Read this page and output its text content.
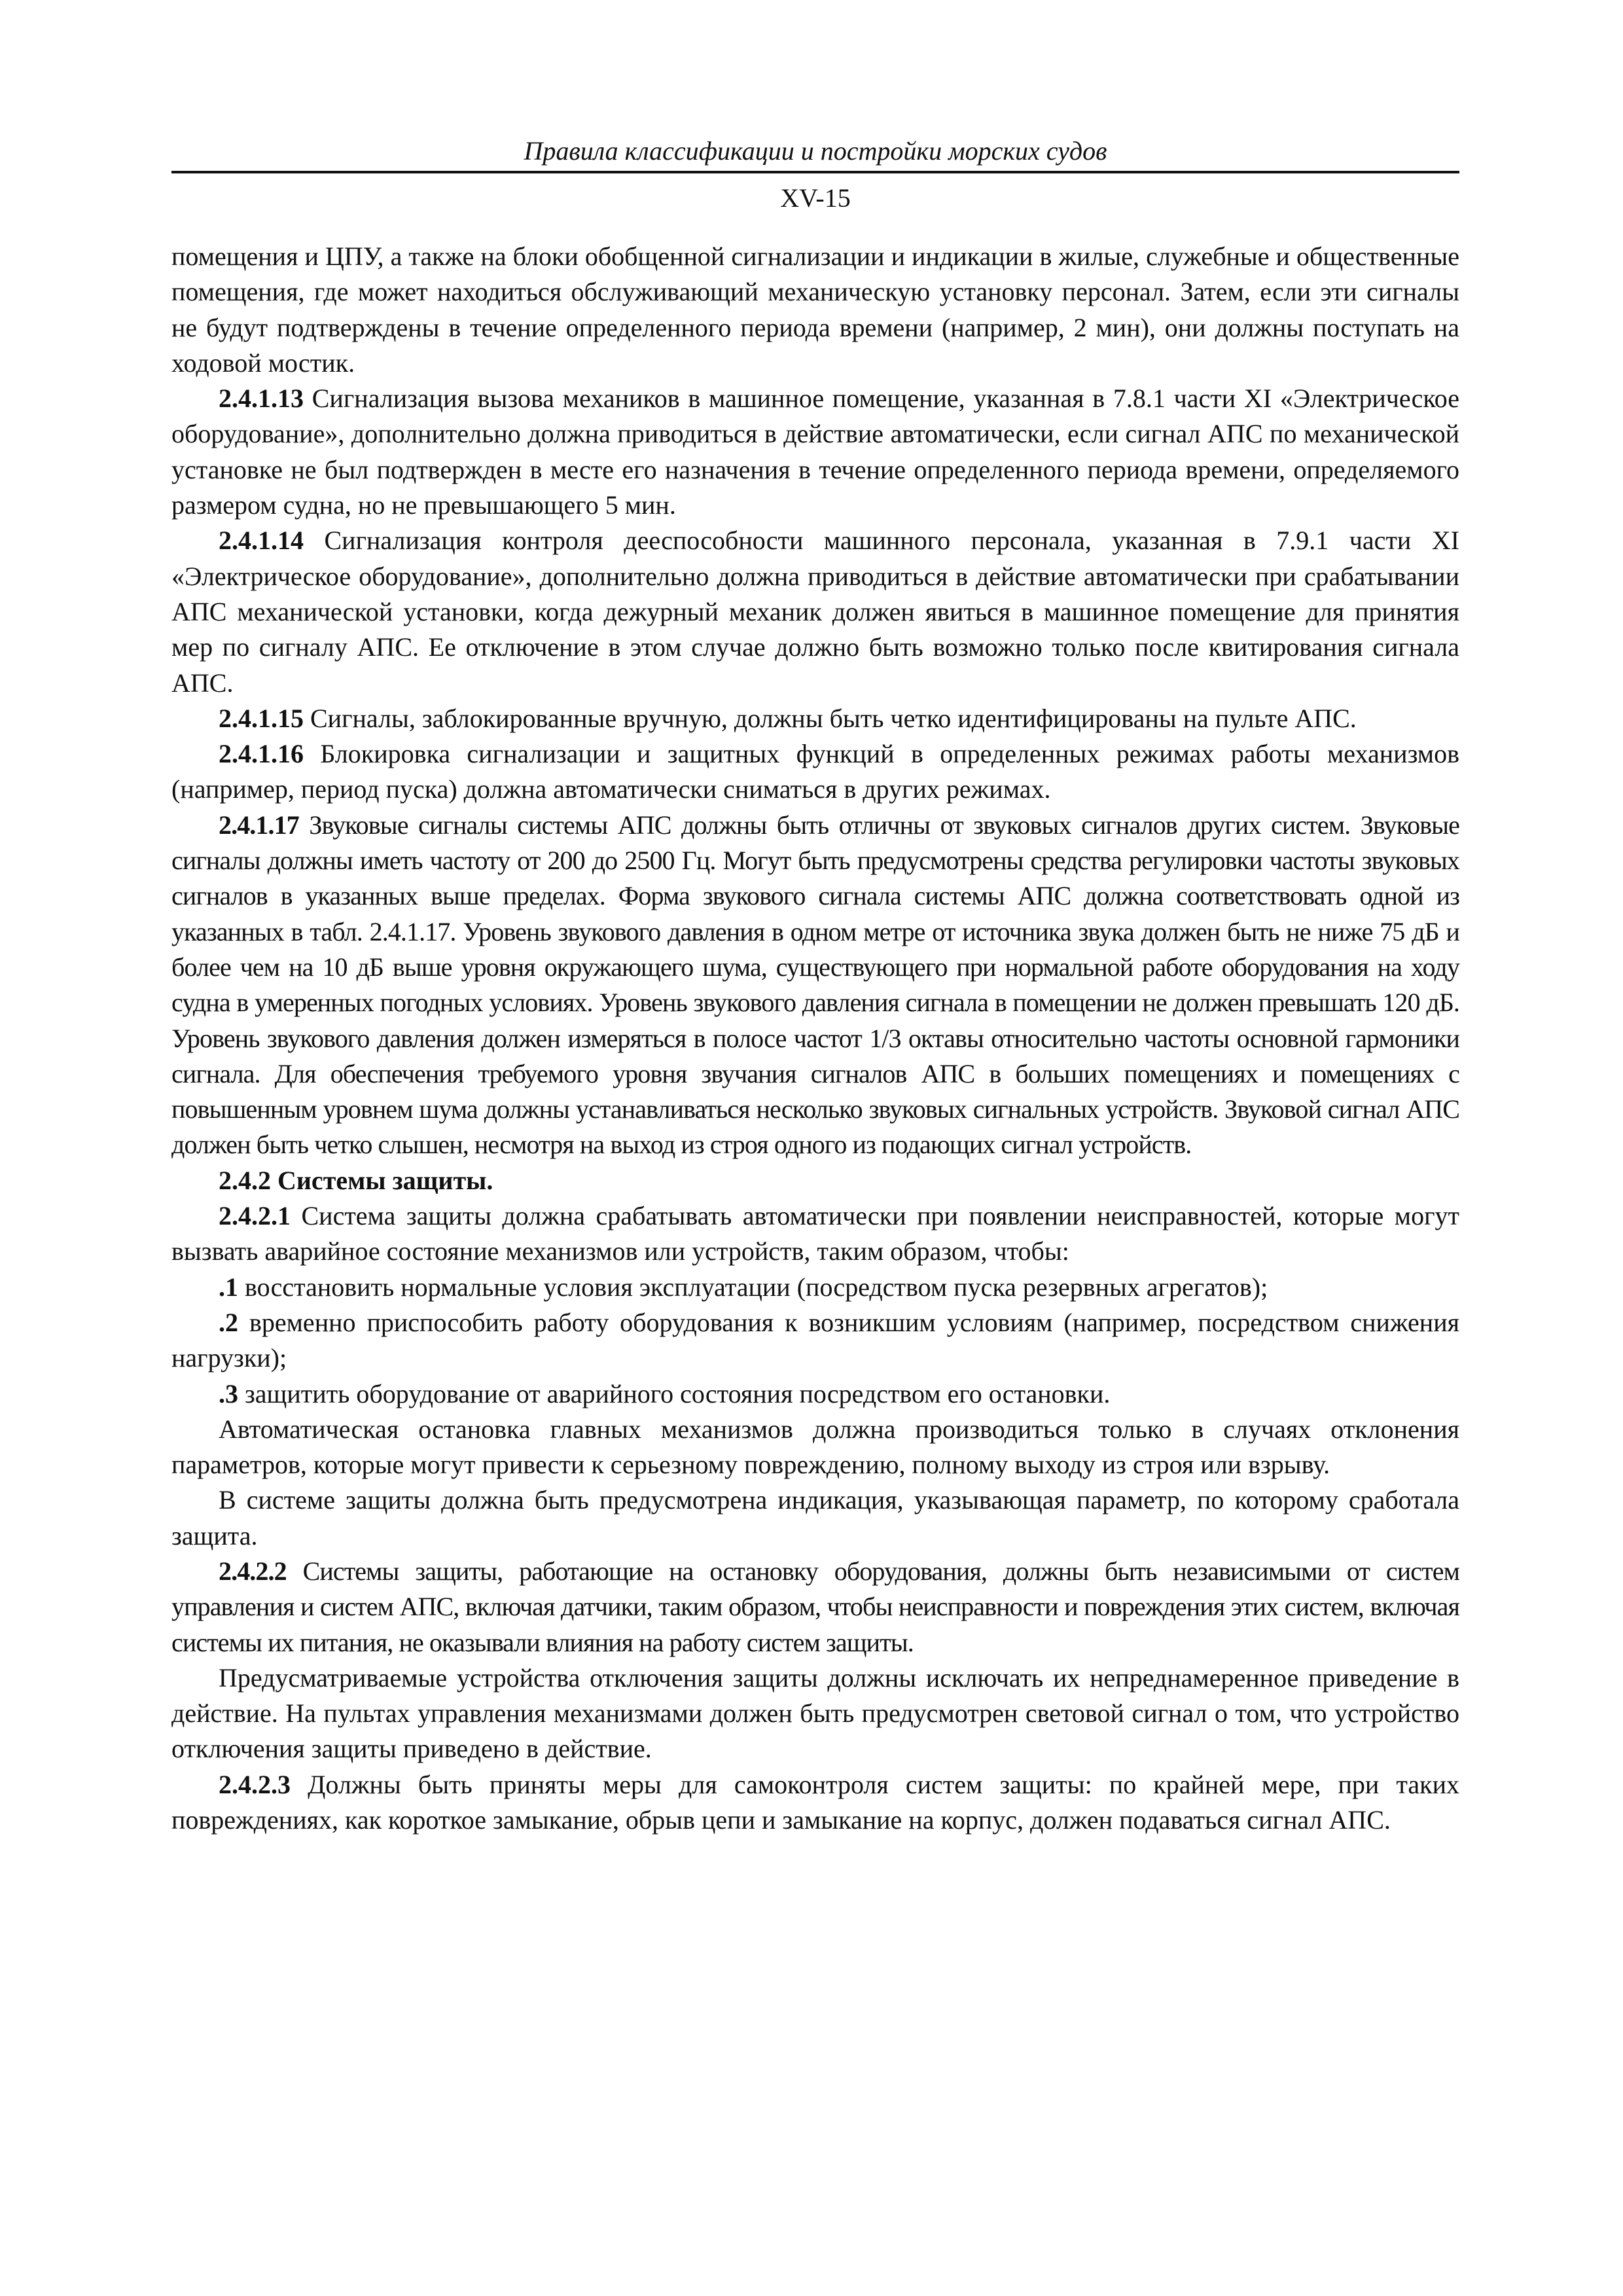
Правила классификации и постройки морских судов
XV-15

помещения и ЦПУ, а также на блоки обобщенной сигнализации и индикации в жилые, служебные и общественные помещения, где может находиться обслуживающий механическую установку персонал. Затем, если эти сигналы не будут подтверждены в течение определенного периода времени (например, 2 мин), они должны поступать на ходовой мостик.

2.4.1.13 Сигнализация вызова механиков в машинное помещение, указанная в 7.8.1 части XI «Электрическое оборудование», дополнительно должна приводиться в действие автоматически, если сигнал АПС по механической установке не был подтвержден в месте его назначения в течение определенного периода времени, определяемого размером судна, но не превышающего 5 мин.

2.4.1.14 Сигнализация контроля дееспособности машинного персонала, указанная в 7.9.1 части XI «Электрическое оборудование», дополнительно должна приводиться в действие автоматически при срабатывании АПС механической установки, когда дежурный механик должен явиться в машинное помещение для принятия мер по сигналу АПС. Ее отключение в этом случае должно быть возможно только после квитирования сигнала АПС.

2.4.1.15 Сигналы, заблокированные вручную, должны быть четко идентифицированы на пульте АПС.

2.4.1.16 Блокировка сигнализации и защитных функций в определенных режимах работы механизмов (например, период пуска) должна автоматически сниматься в других режимах.

2.4.1.17 Звуковые сигналы системы АПС должны быть отличны от звуковых сигналов других систем. Звуковые сигналы должны иметь частоту от 200 до 2500 Гц. Могут быть предусмотрены средства регулировки частоты звуковых сигналов в указанных выше пределах. Форма звукового сигнала системы АПС должна соответствовать одной из указанных в табл. 2.4.1.17. Уровень звукового давления в одном метре от источника звука должен быть не ниже 75 дБ и более чем на 10 дБ выше уровня окружающего шума, существующего при нормальной работе оборудования на ходу судна в умеренных погодных условиях. Уровень звукового давления сигнала в помещении не должен превышать 120 дБ. Уровень звукового давления должен измеряться в полосе частот 1/3 октавы относительно частоты основной гармоники сигнала. Для обеспечения требуемого уровня звучания сигналов АПС в больших помещениях и помещениях с повышенным уровнем шума должны устанавливаться несколько звуковых сигнальных устройств. Звуковой сигнал АПС должен быть четко слышен, несмотря на выход из строя одного из подающих сигнал устройств.

2.4.2 Системы защиты.

2.4.2.1 Система защиты должна срабатывать автоматически при появлении неисправностей, которые могут вызвать аварийное состояние механизмов или устройств, таким образом, чтобы:

.1 восстановить нормальные условия эксплуатации (посредством пуска резервных агрегатов);

.2 временно приспособить работу оборудования к возникшим условиям (например, посредством снижения нагрузки);

.3 защитить оборудование от аварийного состояния посредством его остановки.

Автоматическая остановка главных механизмов должна производиться только в случаях отклонения параметров, которые могут привести к серьезному повреждению, полному выходу из строя или взрыву.

В системе защиты должна быть предусмотрена индикация, указывающая параметр, по которому сработала защита.

2.4.2.2 Системы защиты, работающие на остановку оборудования, должны быть независимыми от систем управления и систем АПС, включая датчики, таким образом, чтобы неисправности и повреждения этих систем, включая системы их питания, не оказывали влияния на работу систем защиты.

Предусматриваемые устройства отключения защиты должны исключать их непреднамеренное приведение в действие. На пультах управления механизмами должен быть предусмотрен световой сигнал о том, что устройство отключения защиты приведено в действие.

2.4.2.3 Должны быть приняты меры для самоконтроля систем защиты: по крайней мере, при таких повреждениях, как короткое замыкание, обрыв цепи и замыкание на корпус, должен подаваться сигнал АПС.
